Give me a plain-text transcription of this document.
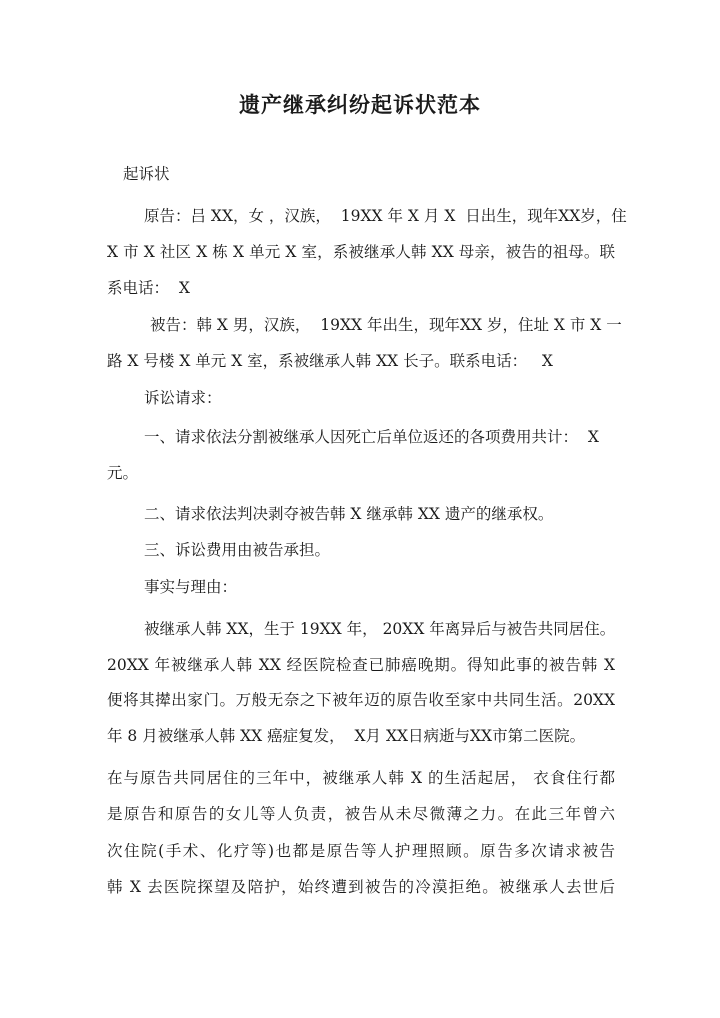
遗产继承纠纷起诉状范本
起诉状
原告：吕 XX，女 ，汉族，  19XX 年 X 月 X  日出生，现年XX岁，住
X 市 X 社区 X 栋 X 单元 X 室，系被继承人韩 XX 母亲，被告的祖母。联
系电话：  X
被告：韩 X 男，汉族，  19XX 年出生，现年XX 岁，住址 X 市 X 一
路 X 号楼 X 单元 X 室，系被继承人韩 XX 长子。联系电话：   X
诉讼请求：
一、请求依法分割被继承人因死亡后单位返还的各项费用共计：  X
元。
二、请求依法判决剥夺被告韩 X 继承韩 XX 遗产的继承权。
三、诉讼费用由被告承担。
事实与理由：
被继承人韩 XX，生于 19XX 年， 20XX 年离异后与被告共同居住。
20XX 年被继承人韩 XX 经医院检查已肺癌晚期。得知此事的被告韩 X
便将其撵出家门。万般无奈之下被年迈的原告收至家中共同生活。20XX
年 8 月被继承人韩 XX 癌症复发，  X月 XX日病逝与XX市第二医院。
在与原告共同居住的三年中，被继承人韩 X 的生活起居， 衣食住行都
是原告和原告的女儿等人负责，被告从未尽微薄之力。在此三年曾六
次住院(手术、化疗等)也都是原告等人护理照顾。原告多次请求被告
韩 X 去医院探望及陪护，始终遭到被告的冷漠拒绝。被继承人去世后
